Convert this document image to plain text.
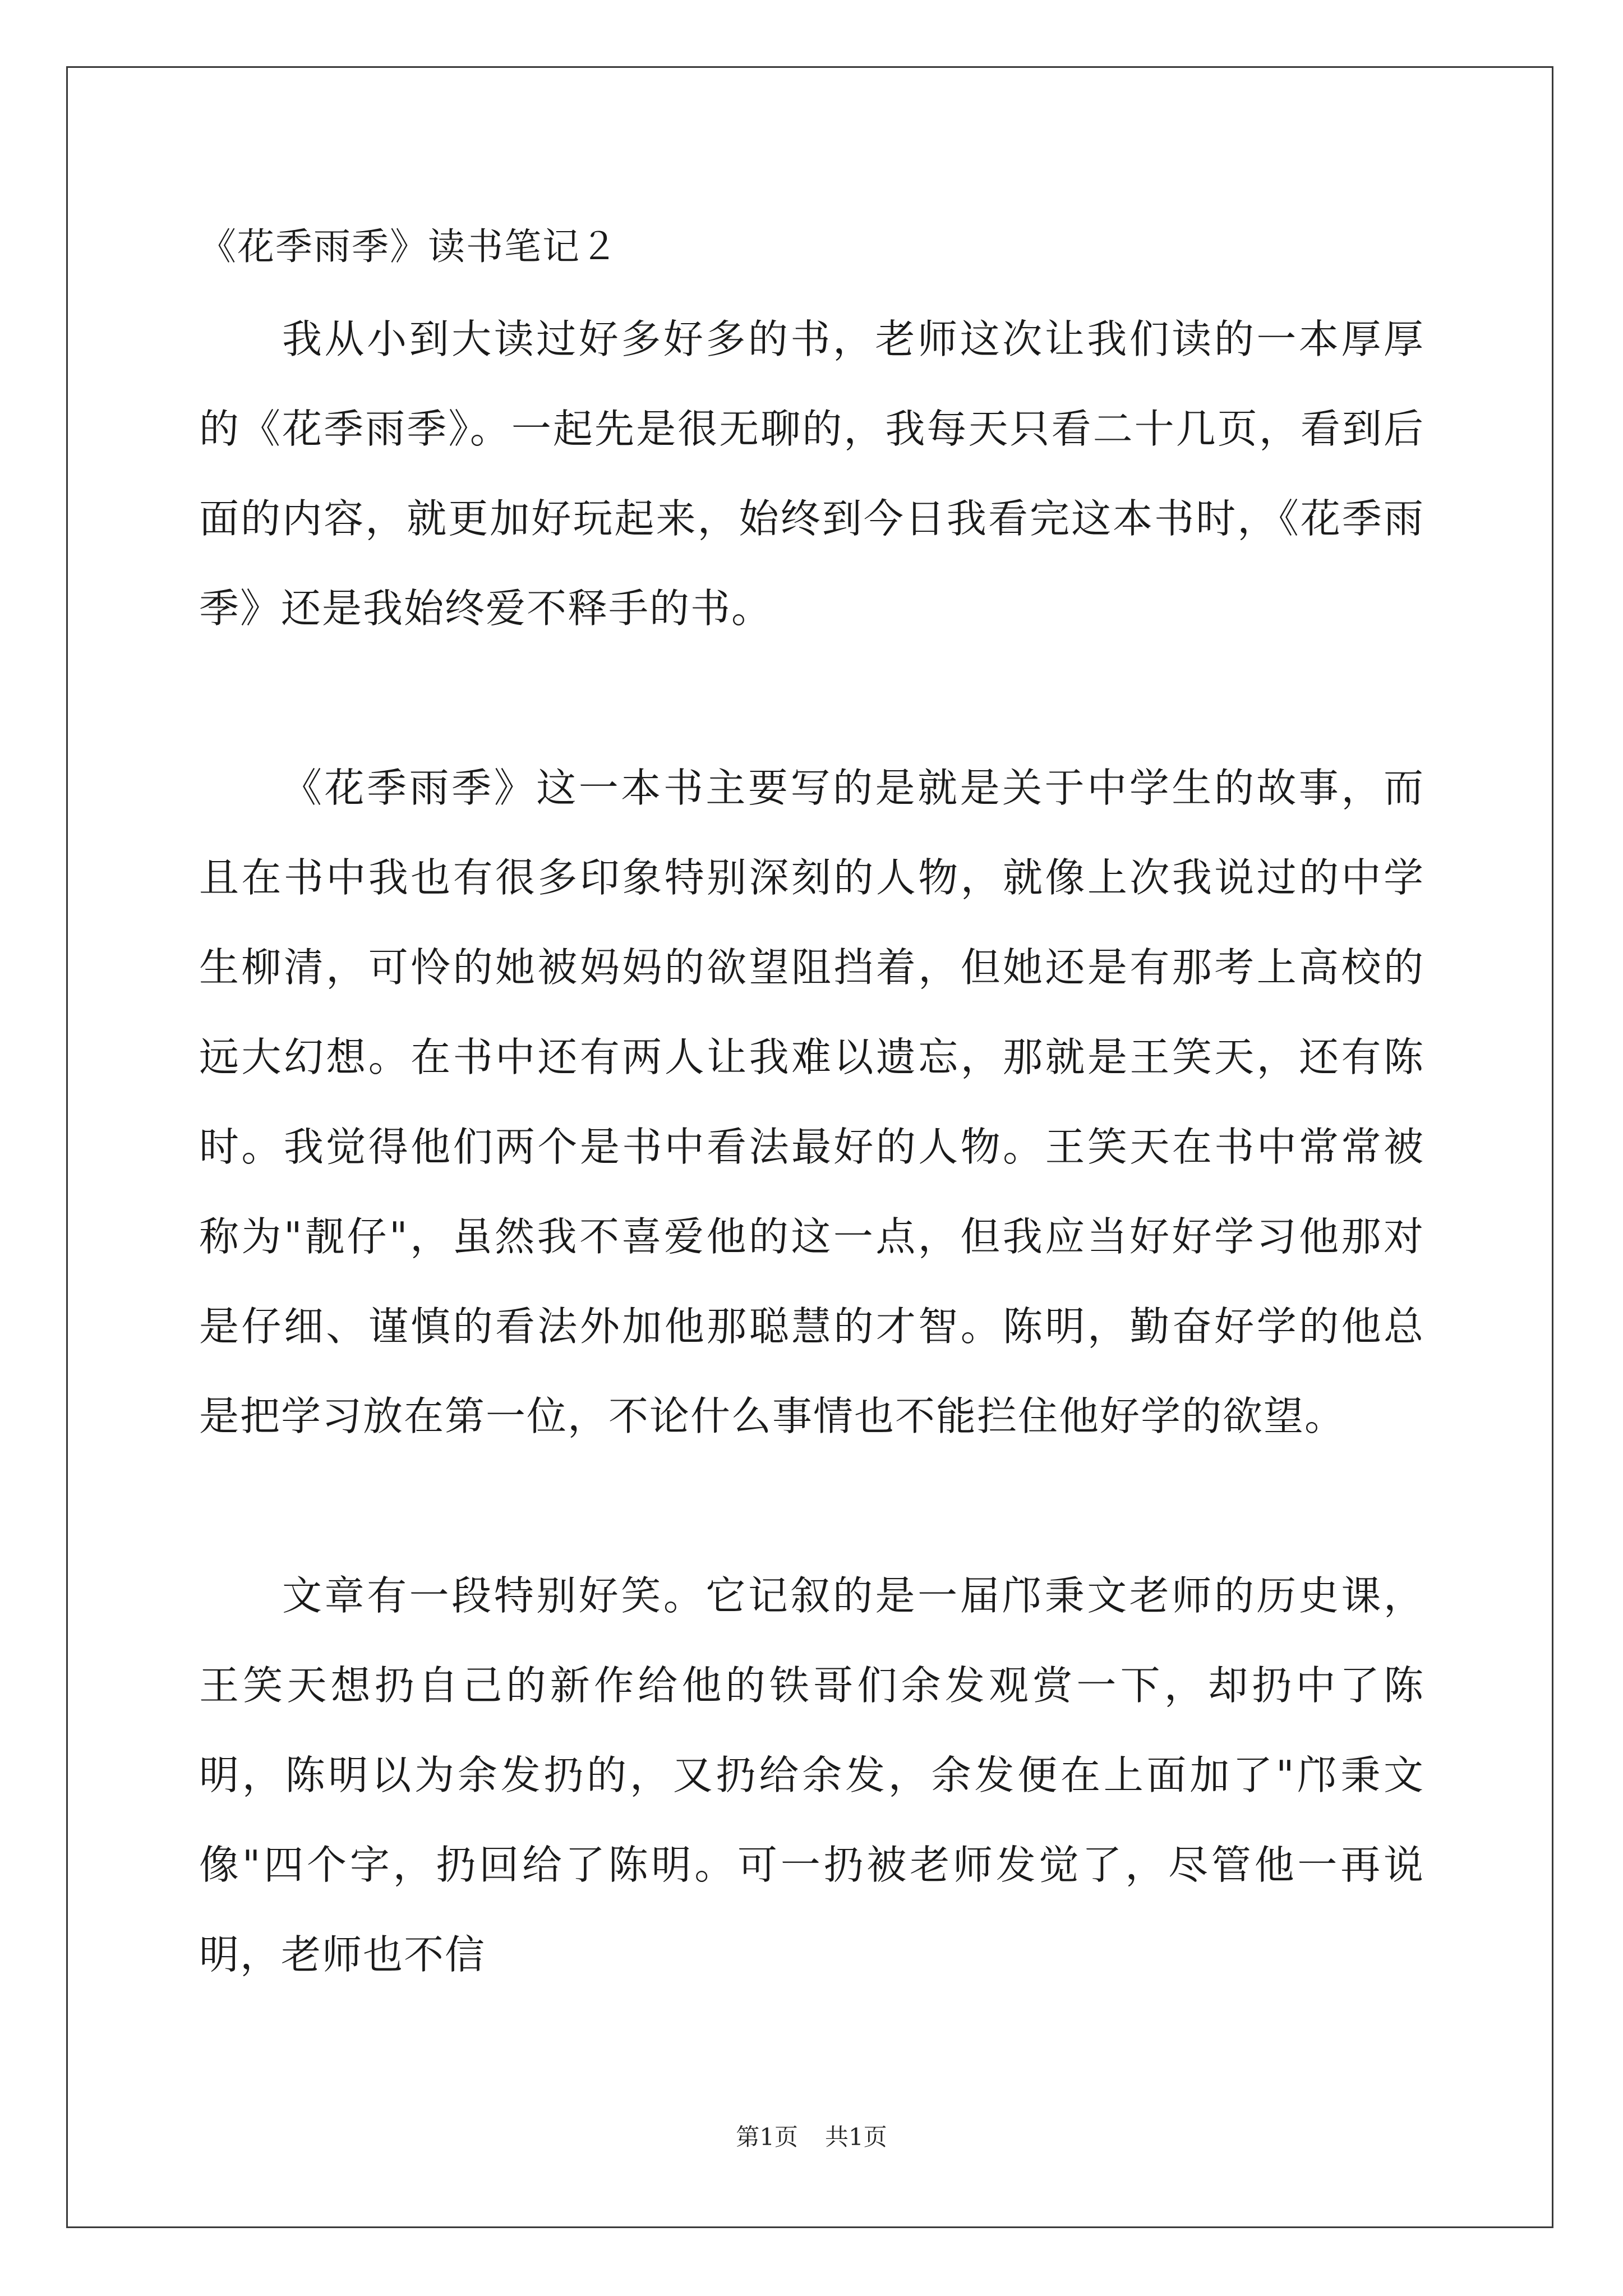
《花季雨季》读书笔记２

我从小到大读过好多好多的书，老师这次让我们读的一本厚厚的《花季雨季》。一起先是很无聊的，我每天只看二十几页，看到后面的内容，就更加好玩起来，始终到今日我看完这本书时，《花季雨季》还是我始终爱不释手的书。

《花季雨季》这一本书主要写的是就是关于中学生的故事，而且在书中我也有很多印象特别深刻的人物，就像上次我说过的中学生柳清，可怜的她被妈妈的欲望阻挡着，但她还是有那考上高校的远大幻想。在书中还有两人让我难以遗忘，那就是王笑天，还有陈时。我觉得他们两个是书中看法最好的人物。王笑天在书中常常被称为"靓仔"，虽然我不喜爱他的这一点，但我应当好好学习他那对是仔细、谨慎的看法外加他那聪慧的才智。陈明，勤奋好学的他总是把学习放在第一位，不论什么事情也不能拦住他好学的欲望。

文章有一段特别好笑。它记叙的是一届邝秉文老师的历史课，王笑天想扔自己的新作给他的铁哥们余发观赏一下，却扔中了陈明，陈明以为余发扔的，又扔给余发，余发便在上面加了"邝秉文像"四个字，扔回给了陈明。可一扔被老师发觉了，尽管他一再说明，老师也不信

第1页 共1页
